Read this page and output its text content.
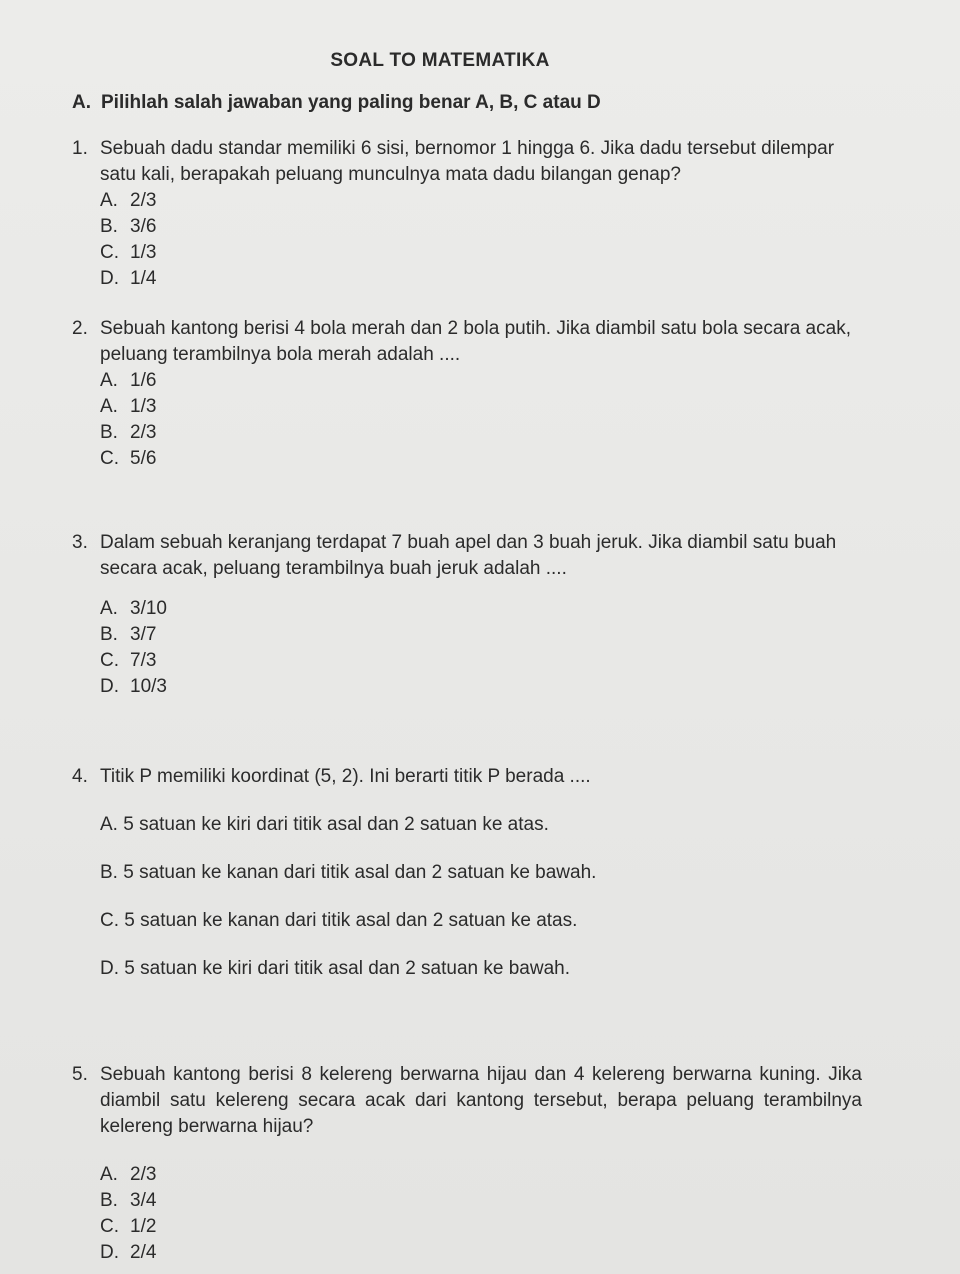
SOAL TO MATEMATIKA
A. Pilihlah salah jawaban yang paling benar A, B, C atau D
1. Sebuah dadu standar memiliki 6 sisi, bernomor 1 hingga 6. Jika dadu tersebut dilempar satu kali, berapakah peluang munculnya mata dadu bilangan genap?
A. 2/3
B. 3/6
C. 1/3
D. 1/4
2. Sebuah kantong berisi 4 bola merah dan 2 bola putih. Jika diambil satu bola secara acak, peluang terambilnya bola merah adalah ....
A. 1/6
A. 1/3
B. 2/3
C. 5/6
3. Dalam sebuah keranjang terdapat 7 buah apel dan 3 buah jeruk. Jika diambil satu buah secara acak, peluang terambilnya buah jeruk adalah ....
A. 3/10
B. 3/7
C. 7/3
D. 10/3
4. Titik P memiliki koordinat (5, 2). Ini berarti titik P berada ....
A. 5 satuan ke kiri dari titik asal dan 2 satuan ke atas.
B. 5 satuan ke kanan dari titik asal dan 2 satuan ke bawah.
C. 5 satuan ke kanan dari titik asal dan 2 satuan ke atas.
D. 5 satuan ke kiri dari titik asal dan 2 satuan ke bawah.
5. Sebuah kantong berisi 8 kelereng berwarna hijau dan 4 kelereng berwarna kuning. Jika diambil satu kelereng secara acak dari kantong tersebut, berapa peluang terambilnya kelereng berwarna hijau?
A. 2/3
B. 3/4
C. 1/2
D. 2/4
